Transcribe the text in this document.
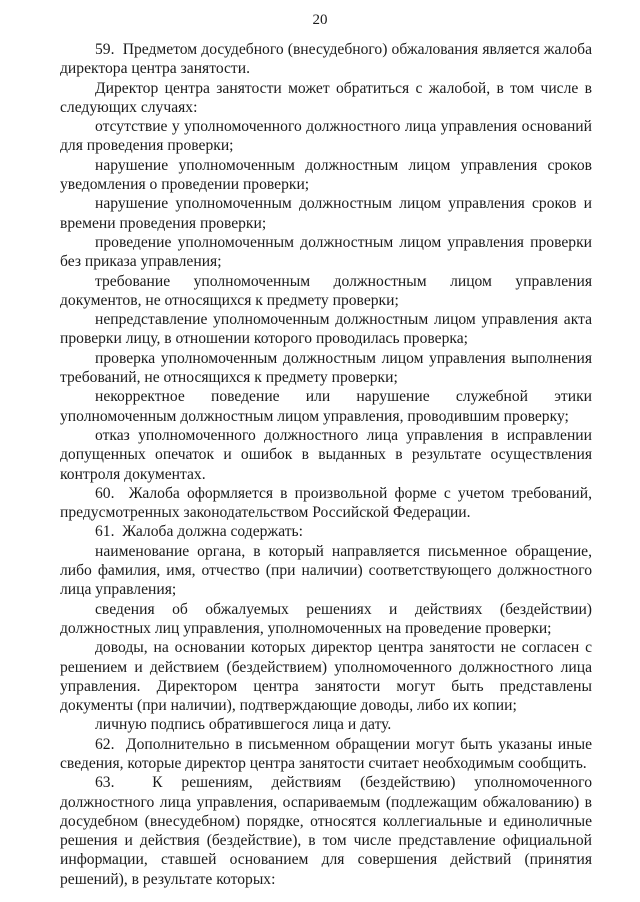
20

59.  Предметом досудебного (внесудебного) обжалования является жалоба директора центра занятости.

Директор центра занятости может обратиться с жалобой, в том числе в следующих случаях:

отсутствие у уполномоченного должностного лица управления оснований для проведения проверки;

нарушение уполномоченным должностным лицом управления сроков уведомления о проведении проверки;

нарушение уполномоченным должностным лицом управления сроков и времени проведения проверки;

проведение уполномоченным должностным лицом управления проверки без приказа управления;

требование уполномоченным должностным лицом управления документов, не относящихся к предмету проверки;

непредставление уполномоченным должностным лицом управления акта проверки лицу, в отношении которого проводилась проверка;

проверка уполномоченным должностным лицом управления выполнения требований, не относящихся к предмету проверки;

некорректное поведение или нарушение служебной этики уполномоченным должностным лицом управления, проводившим проверку;

отказ уполномоченного должностного лица управления в исправлении допущенных опечаток и ошибок в выданных в результате осуществления контроля документах.

60.  Жалоба оформляется в произвольной форме с учетом требований, предусмотренных законодательством Российской Федерации.

61.  Жалоба должна содержать:

наименование органа, в который направляется письменное обращение, либо фамилия, имя, отчество (при наличии) соответствующего должностного лица управления;

сведения об обжалуемых решениях и действиях (бездействии) должностных лиц управления, уполномоченных на проведение проверки;

доводы, на основании которых директор центра занятости не согласен с решением и действием (бездействием) уполномоченного должностного лица управления. Директором центра занятости могут быть представлены документы (при наличии), подтверждающие доводы, либо их копии;

личную подпись обратившегося лица и дату.

62.  Дополнительно в письменном обращении могут быть указаны иные сведения, которые директор центра занятости считает необходимым сообщить.

63.  К решениям, действиям (бездействию) уполномоченного должностного лица управления, оспариваемым (подлежащим обжалованию) в досудебном (внесудебном) порядке, относятся коллегиальные и единоличные решения и действия (бездействие), в том числе представление официальной информации, ставшей основанием для совершения действий (принятия решений), в результате которых:
